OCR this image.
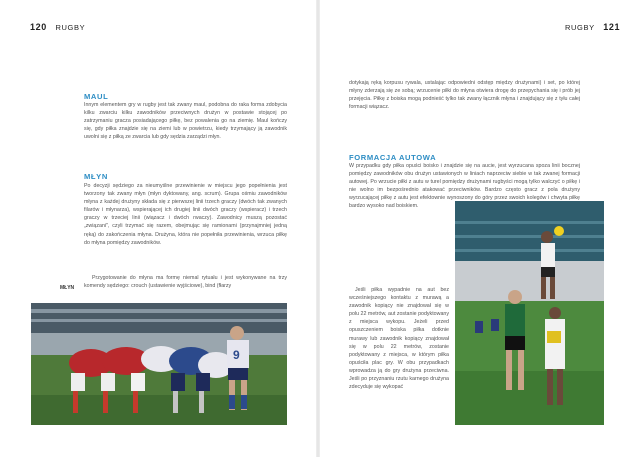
120 RUGBY
MAUL

Innym elementem gry w rugby jest tak zwany maul, podobna do raka forma zdobycia kilku zwarciu kilku zawodników przeciwnych drużyn w postawie stojącej po zatrzymaniu gracza posiadającego piłkę, bez powalenia go na ziemię. Maul kończy się, gdy piłka znajdzie się na ziemi lub w powietrzu, kiedy trzymający ją zawodnik uwolni się z piłką ze zwarcia lub gdy sędzia zarządzi młyn.

MŁYN

Po decyzji sędziego za nieumyślne przewinienie w miejscu jego popełnienia jest tworzony tak zwany młyn (młyn dyktowany, ang. scrum). Grupa ośmiu zawodników młyna z każdej drużyny składa się z pierwszej linii trzech graczy (dwóch tak zwanych filarów i młynarza), wspierającej ich drugiej linii dwóch graczy (wspieracz) i trzech graczy w trzeciej linii (wiązacz i dwóch rwaczy). Zawodnicy muszą pozostać „związani", czyli trzymać się razem, obejmując się ramionami (przynajmniej jedną ręką) do zakończenia młyna. Drużyna, która nie popełniła przewinienia, wrzuca piłkę do młyna pomiędzy zawodników.

Przygotowanie do młyna ma formę niemal rytuału i jest wykonywane na trzy komendy sędziego: crouch (ustawienie wyjściowe), bind (fłarzy

MŁYN
9
RUGBY 121

dotykają ręką korpusu rywala, ustalając odpowiedni odstęp między drużynami) i set, po której młyny zderzają się ze sobą; wrzucenie piłki do młyna otwiera drogę do przepychania się i prób jej przejęcia. Piłkę z boiska mogą podnieść tylko tak zwany łącznik młyna i znajdujący się z tyłu całej formacji wiązacz.

FORMACJA AUTOWA

W przypadku gdy piłka opuści boisko i znajdzie się na aucie, jest wyrzucana spoza linii bocznej pomiędzy zawodników obu drużyn ustawionych w liniach naprzeciw siebie w tak zwanej formacji autowej. Po wrzucie piłki z autu w turel pomiędzy drużynami rugbyści mogą tylko walczyć o piłkę i nie wolno im bezpośrednio atakować przeciwników. Bardzo często gracz z pola drużyny wyrzucającej piłkę z autu jest efektownie wynoszony do góry przez swoich kolegów i chwyta piłkę bardzo wysoko nad boiskiem.

Jeśli piłka wypadnie na aut bez wcześniejszego kontaktu z murawą a zawodnik kopiący nie znajdował się w polu 22 metrów, aut zostanie podyktowany z miejsca wykopu. Jeżeli przed opuszczeniem boiska piłka dotknie murawy lub zawodnik kopiący znajdował się w polu 22 metrów, zostanie podyktowany z miejsca, w którym piłka opuściła plac gry. W obu przypadkach wprowadza ją do gry drużyna przeciwna. Jeśli po przyznaniu rzutu karnego drużyna zdecyduje się wykopać
